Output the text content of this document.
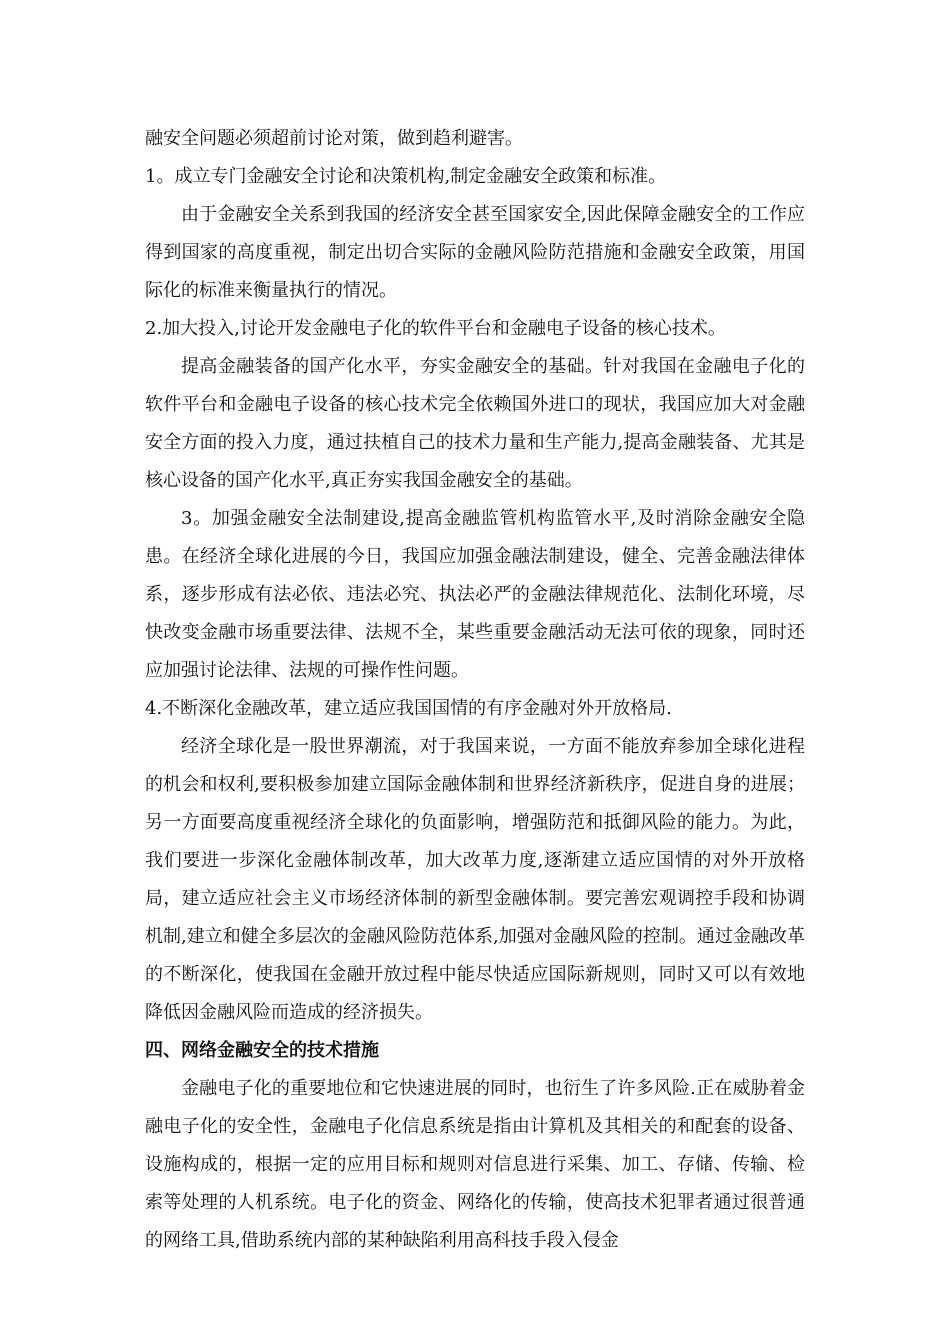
融安全问题必须超前讨论对策，做到趋利避害。

1。成立专门金融安全讨论和决策机构,制定金融安全政策和标准。

由于金融安全关系到我国的经济安全甚至国家安全,因此保障金融安全的工作应得到国家的高度重视，制定出切合实际的金融风险防范措施和金融安全政策，用国际化的标准来衡量执行的情况。

2.加大投入,讨论开发金融电子化的软件平台和金融电子设备的核心技术。

提高金融装备的国产化水平，夯实金融安全的基础。针对我国在金融电子化的软件平台和金融电子设备的核心技术完全依赖国外进口的现状，我国应加大对金融安全方面的投入力度，通过扶植自己的技术力量和生产能力,提高金融装备、尤其是核心设备的国产化水平,真正夯实我国金融安全的基础。

3。加强金融安全法制建设,提高金融监管机构监管水平,及时消除金融安全隐患。在经济全球化进展的今日，我国应加强金融法制建设，健全、完善金融法律体系，逐步形成有法必依、违法必究、执法必严的金融法律规范化、法制化环境，尽快改变金融市场重要法律、法规不全，某些重要金融活动无法可依的现象，同时还应加强讨论法律、法规的可操作性问题。

4.不断深化金融改革，建立适应我国国情的有序金融对外开放格局.

经济全球化是一股世界潮流，对于我国来说，一方面不能放弃参加全球化进程的机会和权利,要积极参加建立国际金融体制和世界经济新秩序，促进自身的进展；另一方面要高度重视经济全球化的负面影响，增强防范和抵御风险的能力。为此，我们要进一步深化金融体制改革，加大改革力度,逐渐建立适应国情的对外开放格局，建立适应社会主义市场经济体制的新型金融体制。要完善宏观调控手段和协调机制,建立和健全多层次的金融风险防范体系,加强对金融风险的控制。通过金融改革的不断深化，使我国在金融开放过程中能尽快适应国际新规则，同时又可以有效地降低因金融风险而造成的经济损失。

四、网络金融安全的技术措施

金融电子化的重要地位和它快速进展的同时，也衍生了许多风险.正在威胁着金融电子化的安全性，金融电子化信息系统是指由计算机及其相关的和配套的设备、设施构成的，根据一定的应用目标和规则对信息进行采集、加工、存储、传输、检索等处理的人机系统。电子化的资金、网络化的传输，使高技术犯罪者通过很普通的网络工具,借助系统内部的某种缺陷利用高科技手段入侵金
